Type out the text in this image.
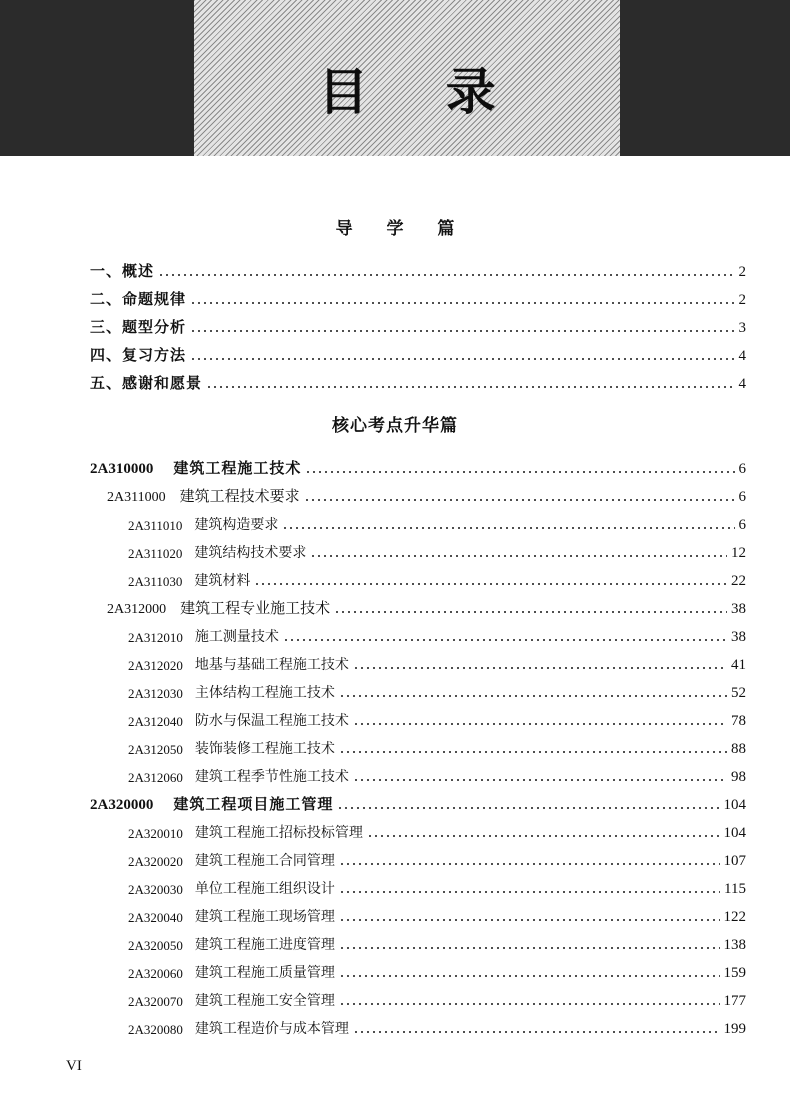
目 录
导 学 篇
核心考点升华篇
一、概述	2
二、命题规律	2
三、题型分析	3
四、复习方法	4
五、感谢和愿景	4
2A310000 建筑工程施工技术	6
2A311000 建筑工程技术要求	6
2A311010 建筑构造要求	6
2A311020 建筑结构技术要求	12
2A311030 建筑材料	22
2A312000 建筑工程专业施工技术	38
2A312010 施工测量技术	38
2A312020 地基与基础工程施工技术	41
2A312030 主体结构工程施工技术	52
2A312040 防水与保温工程施工技术	78
2A312050 装饰装修工程施工技术	88
2A312060 建筑工程季节性施工技术	98
2A320000 建筑工程项目施工管理	104
2A320010 建筑工程施工招标投标管理	104
2A320020 建筑工程施工合同管理	107
2A320030 单位工程施工组织设计	115
2A320040 建筑工程施工现场管理	122
2A320050 建筑工程施工进度管理	138
2A320060 建筑工程施工质量管理	159
2A320070 建筑工程施工安全管理	177
2A320080 建筑工程造价与成本管理	199
VI
